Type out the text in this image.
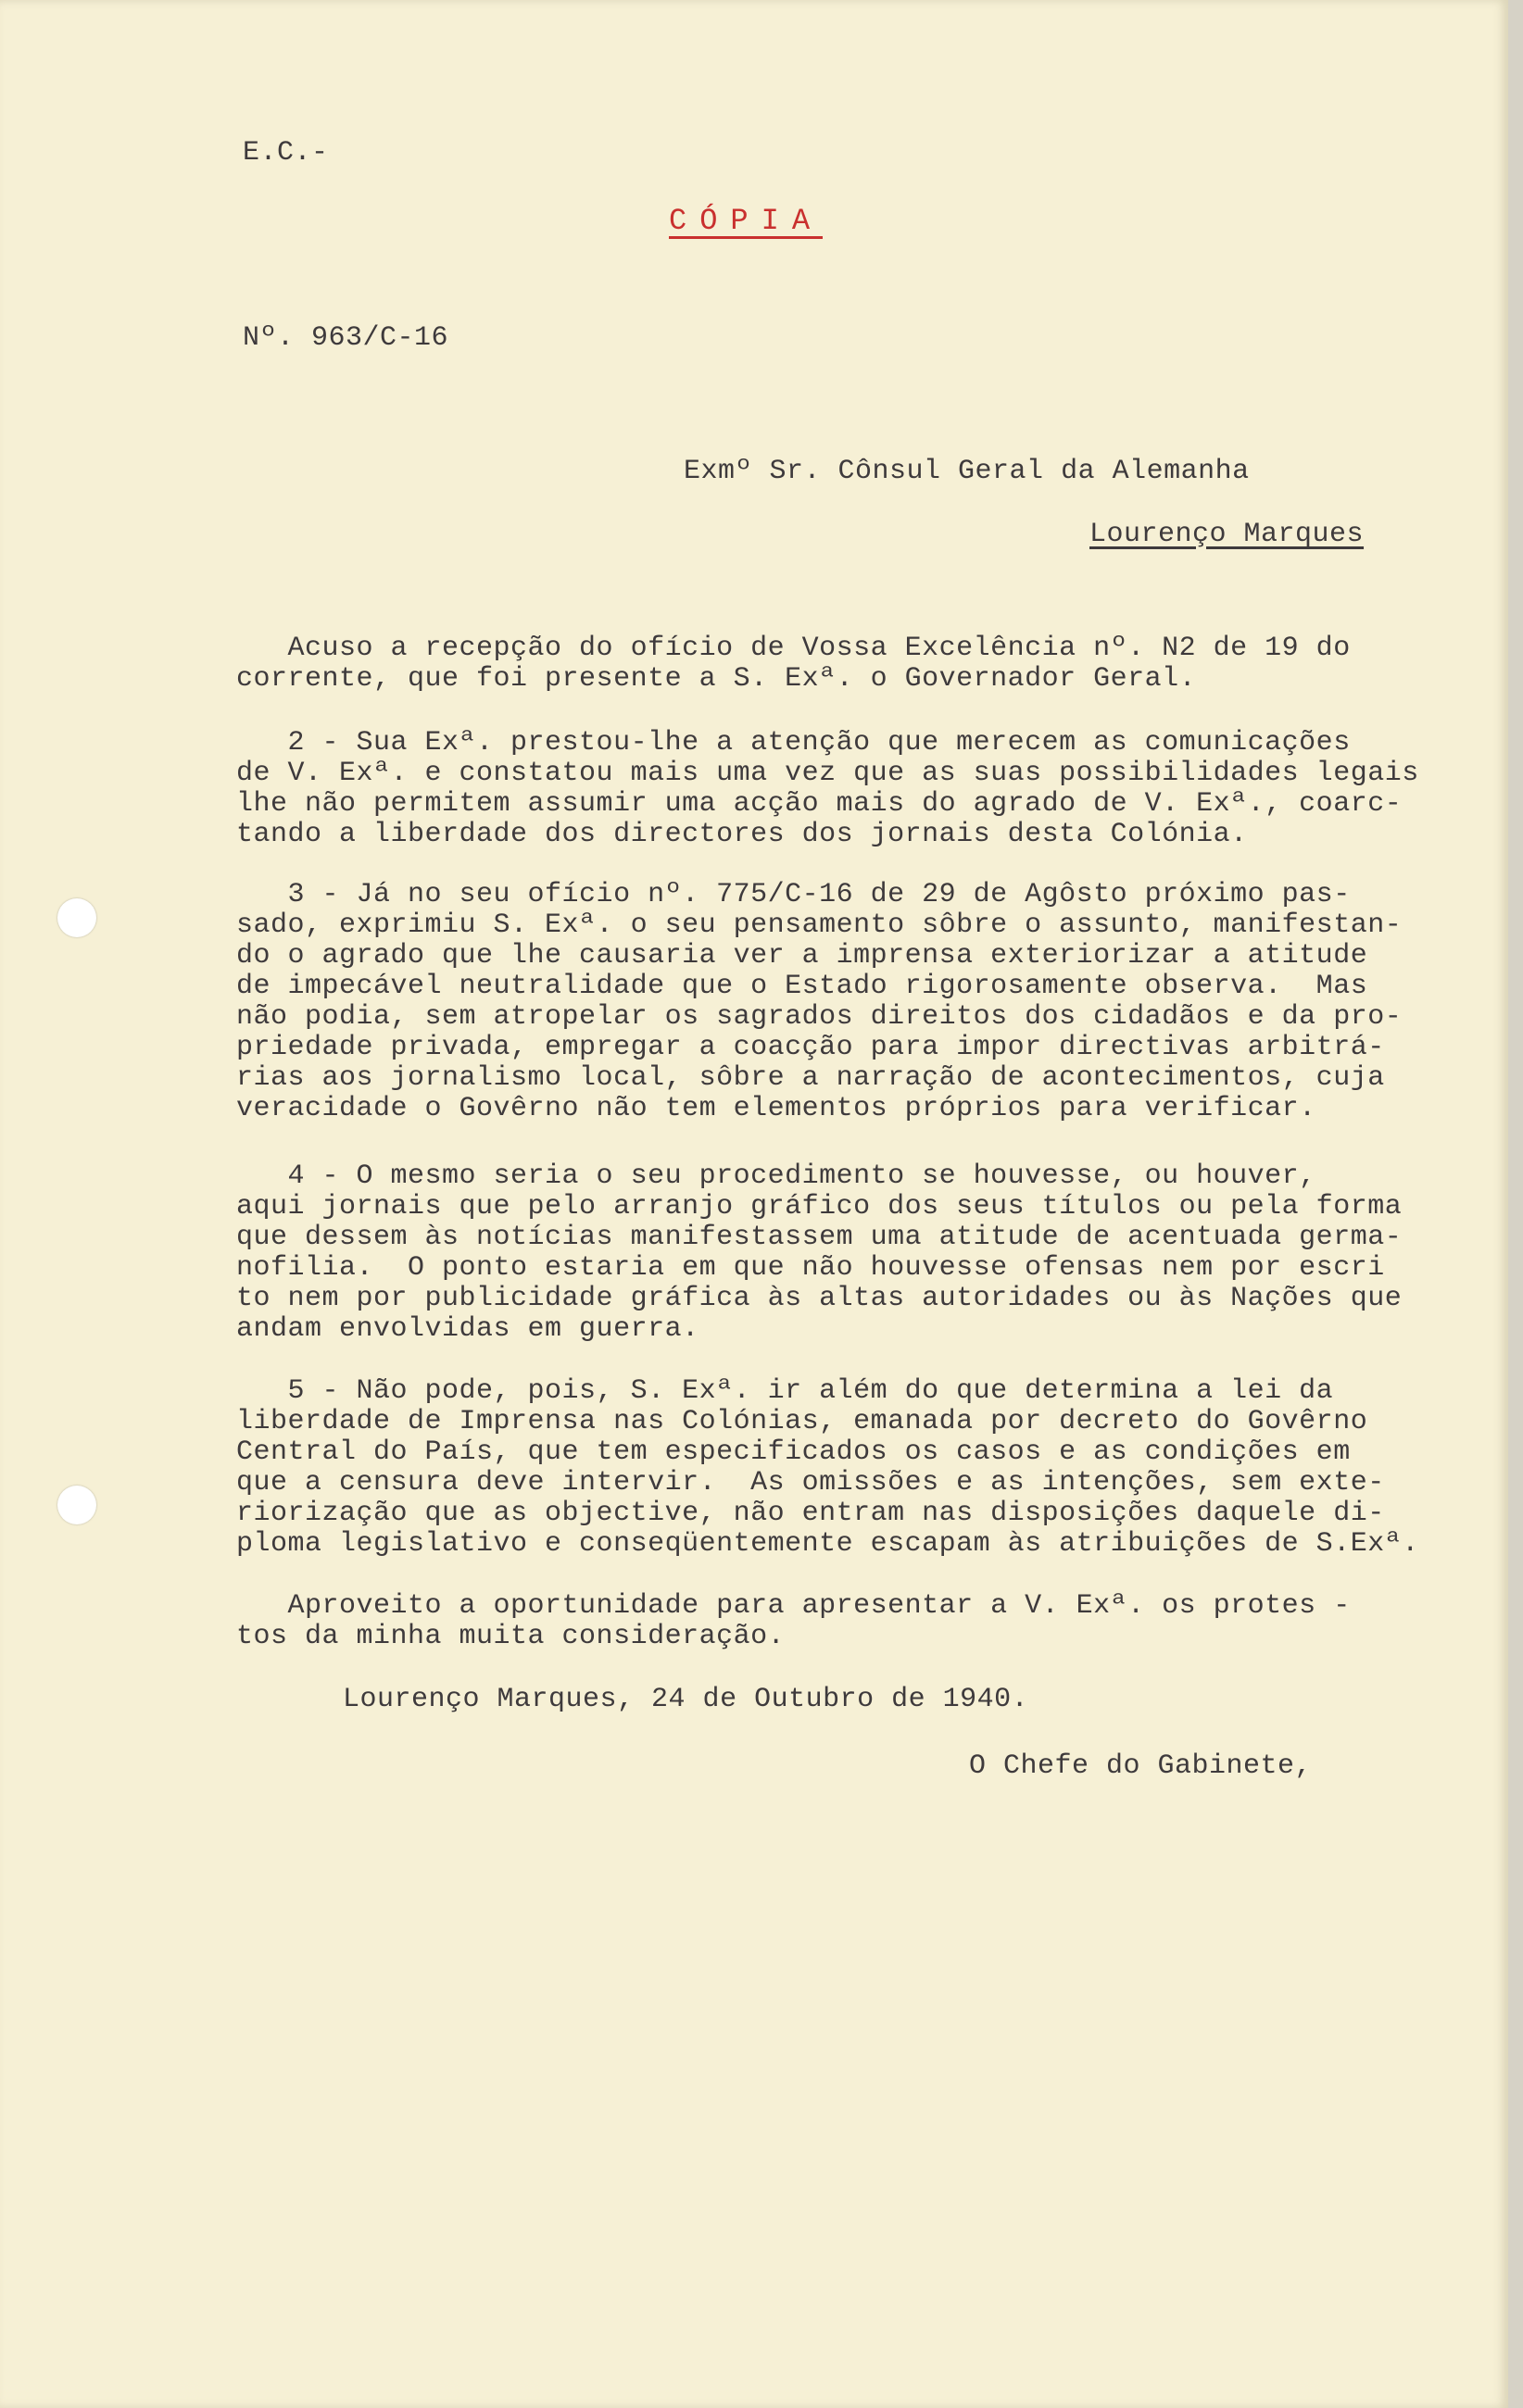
E.C.-
CÓPIA
Nº. 963/C-16
Exmº Sr. Cônsul Geral da Alemanha
Lourenço Marques
Acuso a recepção do ofício de Vossa Excelência nº. N2 de 19 do
corrente, que foi presente a S. Exª. o Governador Geral.
2 - Sua Exª. prestou-lhe a atenção que merecem as comunicações
de V. Exª. e constatou mais uma vez que as suas possibilidades legais
lhe não permitem assumir uma acção mais do agrado de V. Exª., coarc-
tando a liberdade dos directores dos jornais desta Colónia.
3 - Já no seu ofício nº. 775/C-16 de 29 de Agôsto próximo pas-
sado, exprimiu S. Exª. o seu pensamento sôbre o assunto, manifestan-
do o agrado que lhe causaria ver a imprensa exteriorizar a atitude
de impecável neutralidade que o Estado rigorosamente observa.  Mas
não podia, sem atropelar os sagrados direitos dos cidadãos e da pro-
priedade privada, empregar a coacção para impor directivas arbitrá-
rias aos jornalismo local, sôbre a narração de acontecimentos, cuja
veracidade o Govêrno não tem elementos próprios para verificar.
4 - O mesmo seria o seu procedimento se houvesse, ou houver,
aqui jornais que pelo arranjo gráfico dos seus títulos ou pela forma
que dessem às notícias manifestassem uma atitude de acentuada germa-
nofilia.  O ponto estaria em que não houvesse ofensas nem por escri
to nem por publicidade gráfica às altas autoridades ou às Nações que
andam envolvidas em guerra.
5 - Não pode, pois, S. Exª. ir além do que determina a lei da
liberdade de Imprensa nas Colónias, emanada por decreto do Govêrno
Central do País, que tem especificados os casos e as condições em
que a censura deve intervir.  As omissões e as intenções, sem exte-
riorização que as objective, não entram nas disposições daquele di-
ploma legislativo e conseqüentemente escapam às atribuições de S.Exª.
Aproveito a oportunidade para apresentar a V. Exª. os protes -
tos da minha muita consideração.
Lourenço Marques, 24 de Outubro de 1940.
O Chefe do Gabinete,
